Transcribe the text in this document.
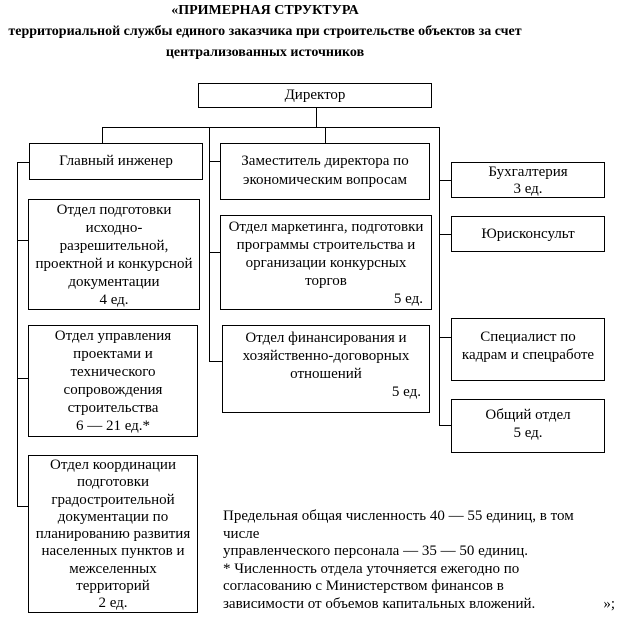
«ПРИМЕРНАЯ СТРУКТУРА
территориальной службы единого заказчика при строительстве объектов за счет
централизованных источников
Директор
Главный инженер
Отдел подготовки
исходно-
разрешительной,
проектной и конкурсной
документации
4 ед.
Отдел управления
проектами и
технического
сопровождения
строительства
6 — 21 ед.*
Отдел координации
подготовки
градостроительной
документации по
планированию развития
населенных пунктов и
межселенных
территорий
2 ед.
Заместитель директора по
экономическим вопросам
Отдел маркетинга, подготовки
программы строительства и
организации конкурсных
торгов
5 ед.
Отдел финансирования и
хозяйственно-договорных
отношений
5 ед.
Бухгалтерия
3 ед.
Юрисконсульт
Специалист по
кадрам и спецработе
Общий отдел
5 ед.
Предельная общая численность 40 — 55 единиц, в том
числе
управленческого персонала — 35 — 50 единиц.
* Численность отдела уточняется ежегодно по
согласованию с Министерством финансов в
зависимости от объемов капитальных вложений.	»;
